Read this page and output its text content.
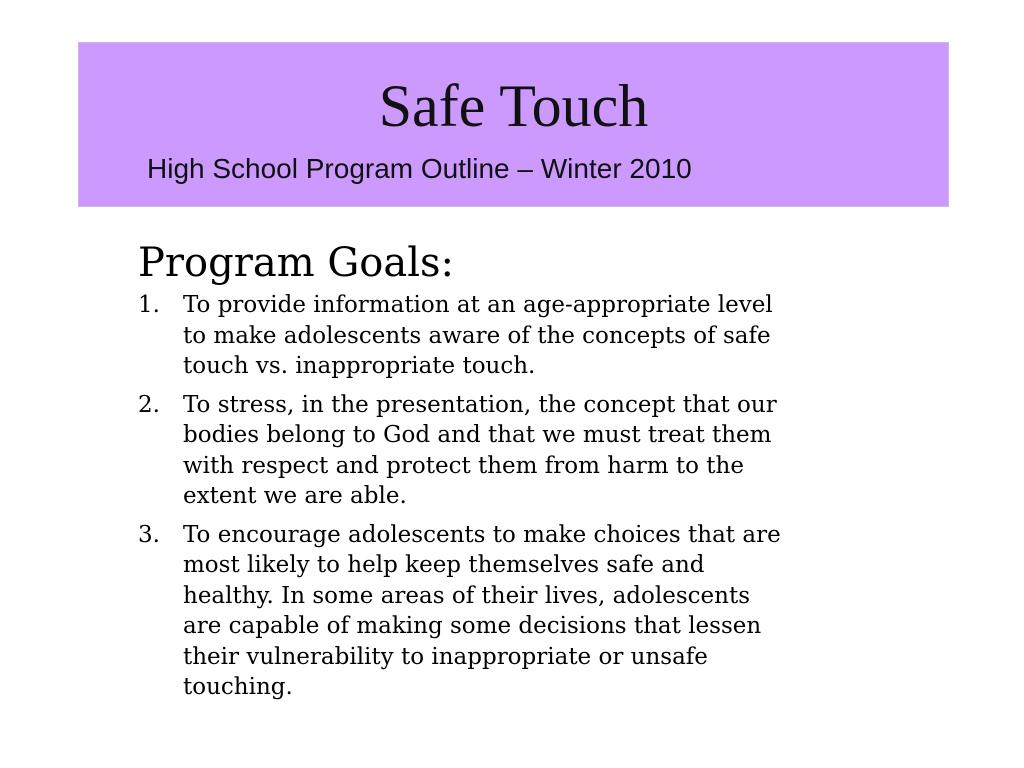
Safe Touch
High School Program Outline – Winter 2010
Program Goals:
1. To provide information at an age-appropriate level
to make adolescents aware of the concepts of safe
touch vs. inappropriate touch.
2. To stress, in the presentation, the concept that our
bodies belong to God and that we must treat them
with respect and protect them from harm to the
extent we are able.
3. To encourage adolescents to make choices that are
most likely to help keep themselves safe and
healthy. In some areas of their lives, adolescents
are capable of making some decisions that lessen
their vulnerability to inappropriate or unsafe
touching.
